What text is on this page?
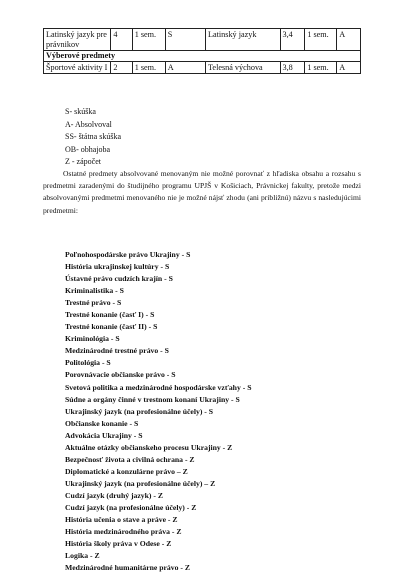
Latinský jazyk pre právnikov	4	1 sem.	S	Latinský jazyk	3,4	1 sem.	A
Výberové predmety							
Športové aktivity I	2	1 sem.	A	Telesná výchova	3,8	1 sem.	A
S- skúška
A- Absolvoval
SS- štátna skúška
OB- obhajoba
Z - zápočet

Ostatné predmety absolvované menovaným nie možné porovnať z hľadiska obsahu a rozsahu s predmetmi zaradenými do študijného programu UPJŠ v Košiciach, Právnickej fakulty, pretože medzi absolvovanými predmetmi menovaného nie je možné nájsť zhodu (ani približnú) názvu s nasledujúcimi predmetmi:

Poľnohospodárske právo Ukrajiny - S
História ukrajinskej kultúry - S
Ústavné právo cudzích krajín - S
Kriminalistika - S
Trestné právo - S
Trestné konanie (časť I) - S
Trestné konanie (časť II) - S
Kriminológia - S
Medzinárodné trestné právo - S
Politológia - S
Porovnávacie občianske právo - S
Svetová politika a medzinárodné hospodárske vzťahy - S
Súdne a orgány činné v trestnom konaní Ukrajiny - S
Ukrajinský jazyk (na profesionálne účely) - S
Občianske konanie - S
Advokácia Ukrajiny - S
Aktuálne otázky občianskeho procesu Ukrajiny - Z
Bezpečnosť života a civilná ochrana - Z
Diplomatické a konzulárne právo – Z
Ukrajinský jazyk (na profesionálne účely) – Z
Cudzí jazyk (druhý jazyk) - Z
Cudzí jazyk (na profesionálne účely) - Z
História učenia o stave a práve - Z
História medzinárodného práva - Z
História školy práva v Odese - Z
Logika - Z
Medzinárodné humanitárne právo - Z
